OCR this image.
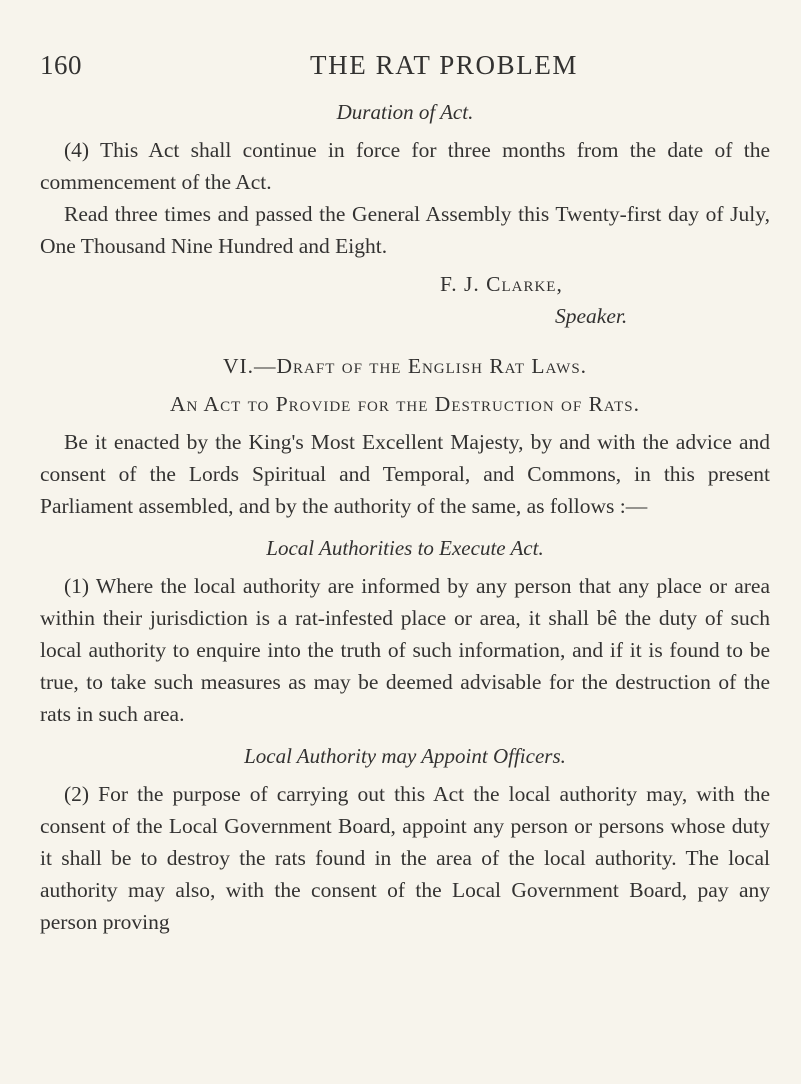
160	THE RAT PROBLEM

Duration of Act.

(4) This Act shall continue in force for three months from the date of the commencement of the Act.

Read three times and passed the General Assembly this Twenty-first day of July, One Thousand Nine Hundred and Eight.

F. J. Clarke,
Speaker.

VI.—Draft of the English Rat Laws.

An Act to Provide for the Destruction of Rats.

Be it enacted by the King's Most Excellent Majesty, by and with the advice and consent of the Lords Spiritual and Temporal, and Commons, in this present Parliament assembled, and by the authority of the same, as follows :—

Local Authorities to Execute Act.

(1) Where the local authority are informed by any person that any place or area within their jurisdiction is a rat-infested place or area, it shall bê the duty of such local authority to enquire into the truth of such information, and if it is found to be true, to take such measures as may be deemed advisable for the destruction of the rats in such area.

Local Authority may Appoint Officers.

(2) For the purpose of carrying out this Act the local authority may, with the consent of the Local Government Board, appoint any person or persons whose duty it shall be to destroy the rats found in the area of the local authority. The local authority may also, with the consent of the Local Government Board, pay any person proving
